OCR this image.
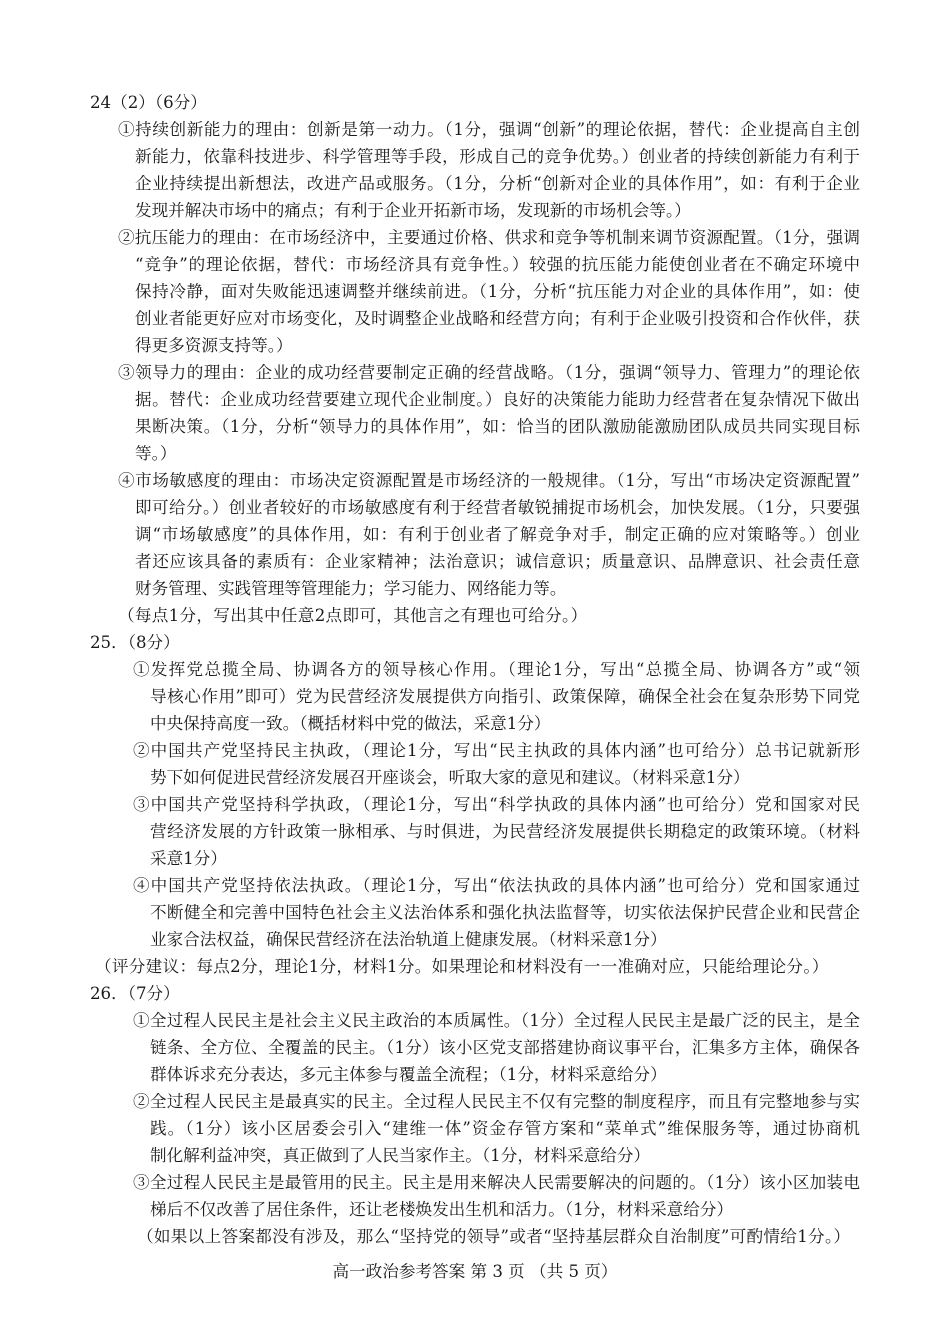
24（2）（6分）
①持续创新能力的理由：创新是第一动力。（1分，强调“创新”的理论依据，替代：企业提高自主创
新能力，依靠科技进步、科学管理等手段，形成自己的竞争优势。）创业者的持续创新能力有利于
企业持续提出新想法，改进产品或服务。（1分，分析“创新对企业的具体作用”，如：有利于企业
发现并解决市场中的痛点；有利于企业开拓新市场，发现新的市场机会等。）
②抗压能力的理由：在市场经济中，主要通过价格、供求和竞争等机制来调节资源配置。（1分，强调
“竞争”的理论依据，替代：市场经济具有竞争性。）较强的抗压能力能使创业者在不确定环境中
保持冷静，面对失败能迅速调整并继续前进。（1分，分析“抗压能力对企业的具体作用”，如：使
创业者能更好应对市场变化，及时调整企业战略和经营方向；有利于企业吸引投资和合作伙伴，获
得更多资源支持等。）
③领导力的理由：企业的成功经营要制定正确的经营战略。（1分，强调“领导力、管理力”的理论依
据。替代：企业成功经营要建立现代企业制度。）良好的决策能力能助力经营者在复杂情况下做出
果断决策。（1分，分析“领导力的具体作用”，如：恰当的团队激励能激励团队成员共同实现目标
等。）
④市场敏感度的理由：市场决定资源配置是市场经济的一般规律。（1分，写出“市场决定资源配置”
即可给分。）创业者较好的市场敏感度有利于经营者敏锐捕捉市场机会，加快发展。（1分，只要强
调“市场敏感度”的具体作用，如：有利于创业者了解竞争对手，制定正确的应对策略等。）创业
者还应该具备的素质有：企业家精神；法治意识；诚信意识；质量意识、品牌意识、社会责任意
财务管理、实践管理等管理能力；学习能力、网络能力等。
（每点1分，写出其中任意2点即可，其他言之有理也可给分。）
25．（8分）
①发挥党总揽全局、协调各方的领导核心作用。（理论1分，写出“总揽全局、协调各方”或“领
导核心作用”即可）党为民营经济发展提供方向指引、政策保障，确保全社会在复杂形势下同党
中央保持高度一致。（概括材料中党的做法，采意1分）
②中国共产党坚持民主执政，（理论1分，写出“民主执政的具体内涵”也可给分）总书记就新形
势下如何促进民营经济发展召开座谈会，听取大家的意见和建议。（材料采意1分）
③中国共产党坚持科学执政，（理论1分，写出“科学执政的具体内涵”也可给分）党和国家对民
营经济发展的方针政策一脉相承、与时俱进，为民营经济发展提供长期稳定的政策环境。（材料
采意1分）
④中国共产党坚持依法执政。（理论1分，写出“依法执政的具体内涵”也可给分）党和国家通过
不断健全和完善中国特色社会主义法治体系和强化执法监督等，切实依法保护民营企业和民营企
业家合法权益，确保民营经济在法治轨道上健康发展。（材料采意1分）
（评分建议：每点2分，理论1分，材料1分。如果理论和材料没有一一准确对应，只能给理论分。）
26．（7分）
①全过程人民民主是社会主义民主政治的本质属性。（1分）全过程人民民主是最广泛的民主，是全
链条、全方位、全覆盖的民主。（1分）该小区党支部搭建协商议事平台，汇集多方主体，确保各
群体诉求充分表达，多元主体参与覆盖全流程；（1分，材料采意给分）
②全过程人民民主是最真实的民主。全过程人民民主不仅有完整的制度程序，而且有完整地参与实
践。（1分）该小区居委会引入“建维一体”资金存管方案和“菜单式”维保服务等，通过协商机
制化解利益冲突，真正做到了人民当家作主。（1分，材料采意给分）
③全过程人民民主是最管用的民主。民主是用来解决人民需要解决的问题的。（1分）该小区加装电
梯后不仅改善了居住条件，还让老楼焕发出生机和活力。（1分，材料采意给分）
（如果以上答案都没有涉及，那么“坚持党的领导”或者“坚持基层群众自治制度”可酌情给1分。）
高一政治参考答案 第 3 页 （共 5 页）
